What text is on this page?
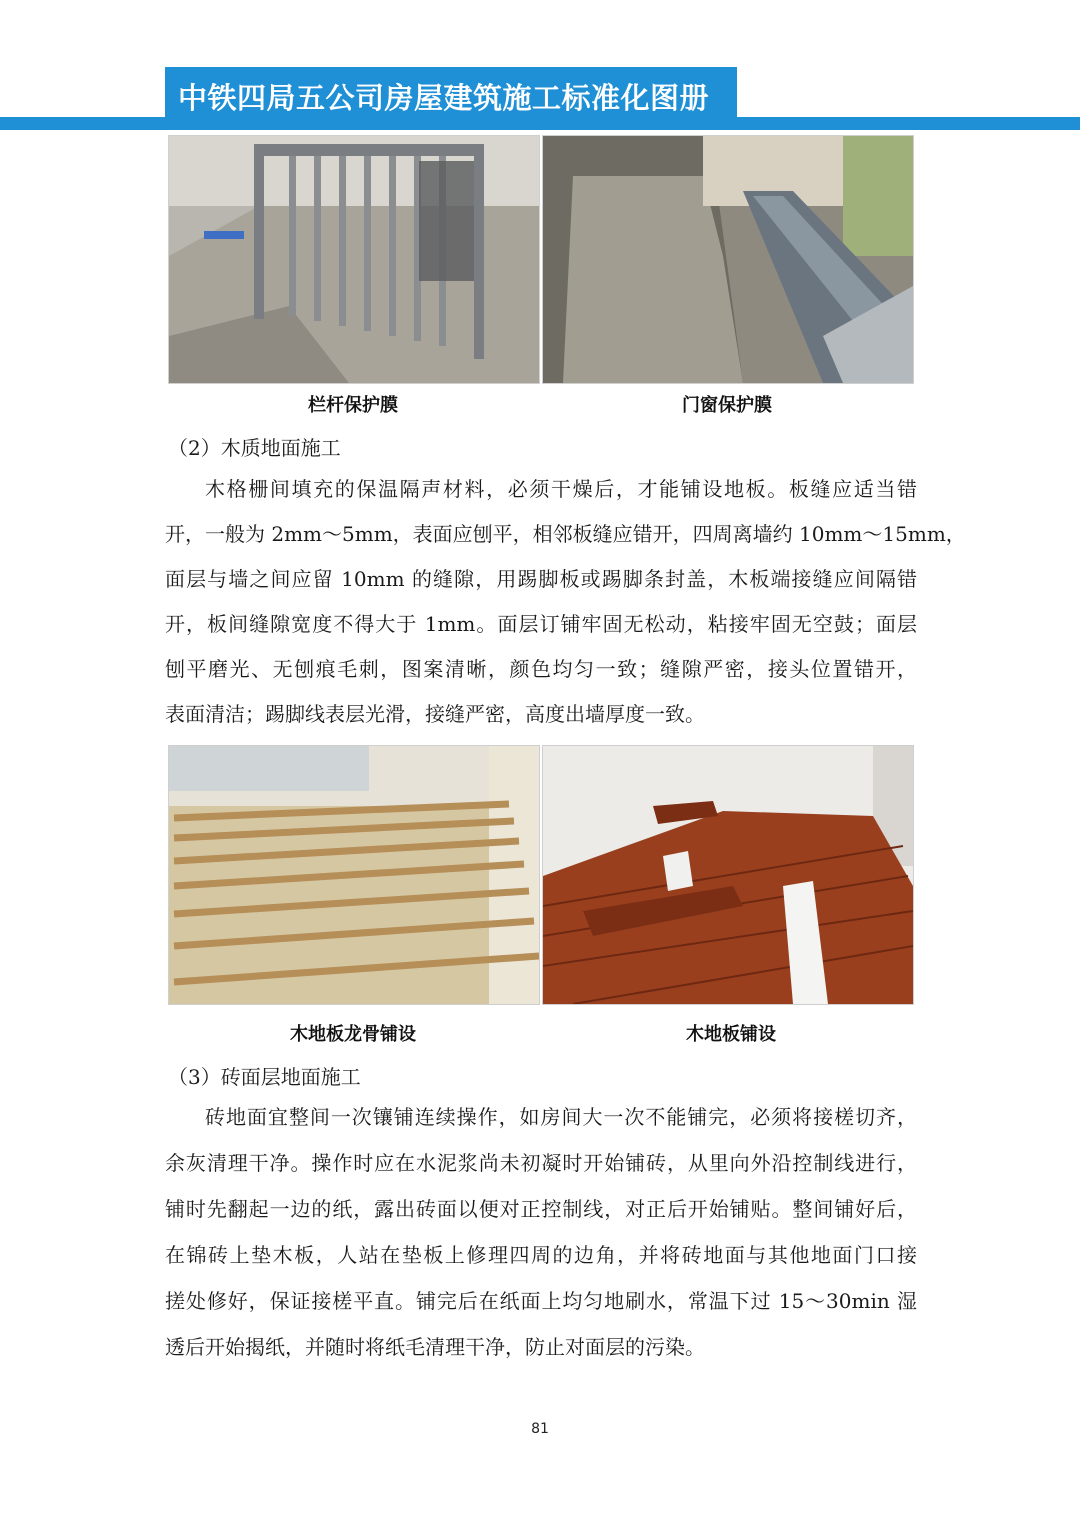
中铁四局五公司房屋建筑施工标准化图册
栏杆保护膜	门窗保护膜
（2）木质地面施工
木格栅间填充的保温隔声材料，必须干燥后，才能铺设地板。板缝应适当错
开，一般为 2mm～5mm，表面应刨平，相邻板缝应错开，四周离墙约 10mm～15mm，
面层与墙之间应留 10mm 的缝隙，用踢脚板或踢脚条封盖，木板端接缝应间隔错
开，板间缝隙宽度不得大于 1mm。面层订铺牢固无松动，粘接牢固无空鼓；面层
刨平磨光、无刨痕毛刺，图案清晰，颜色均匀一致；缝隙严密，接头位置错开，
表面清洁；踢脚线表层光滑，接缝严密，高度出墙厚度一致。
木地板龙骨铺设	木地板铺设
（3）砖面层地面施工
砖地面宜整间一次镶铺连续操作，如房间大一次不能铺完，必须将接槎切齐，
余灰清理干净。操作时应在水泥浆尚未初凝时开始铺砖，从里向外沿控制线进行，
铺时先翻起一边的纸，露出砖面以便对正控制线，对正后开始铺贴。整间铺好后，
在锦砖上垫木板，人站在垫板上修理四周的边角，并将砖地面与其他地面门口接
搓处修好，保证接槎平直。铺完后在纸面上均匀地刷水，常温下过 15～30min 湿
透后开始揭纸，并随时将纸毛清理干净，防止对面层的污染。
81
